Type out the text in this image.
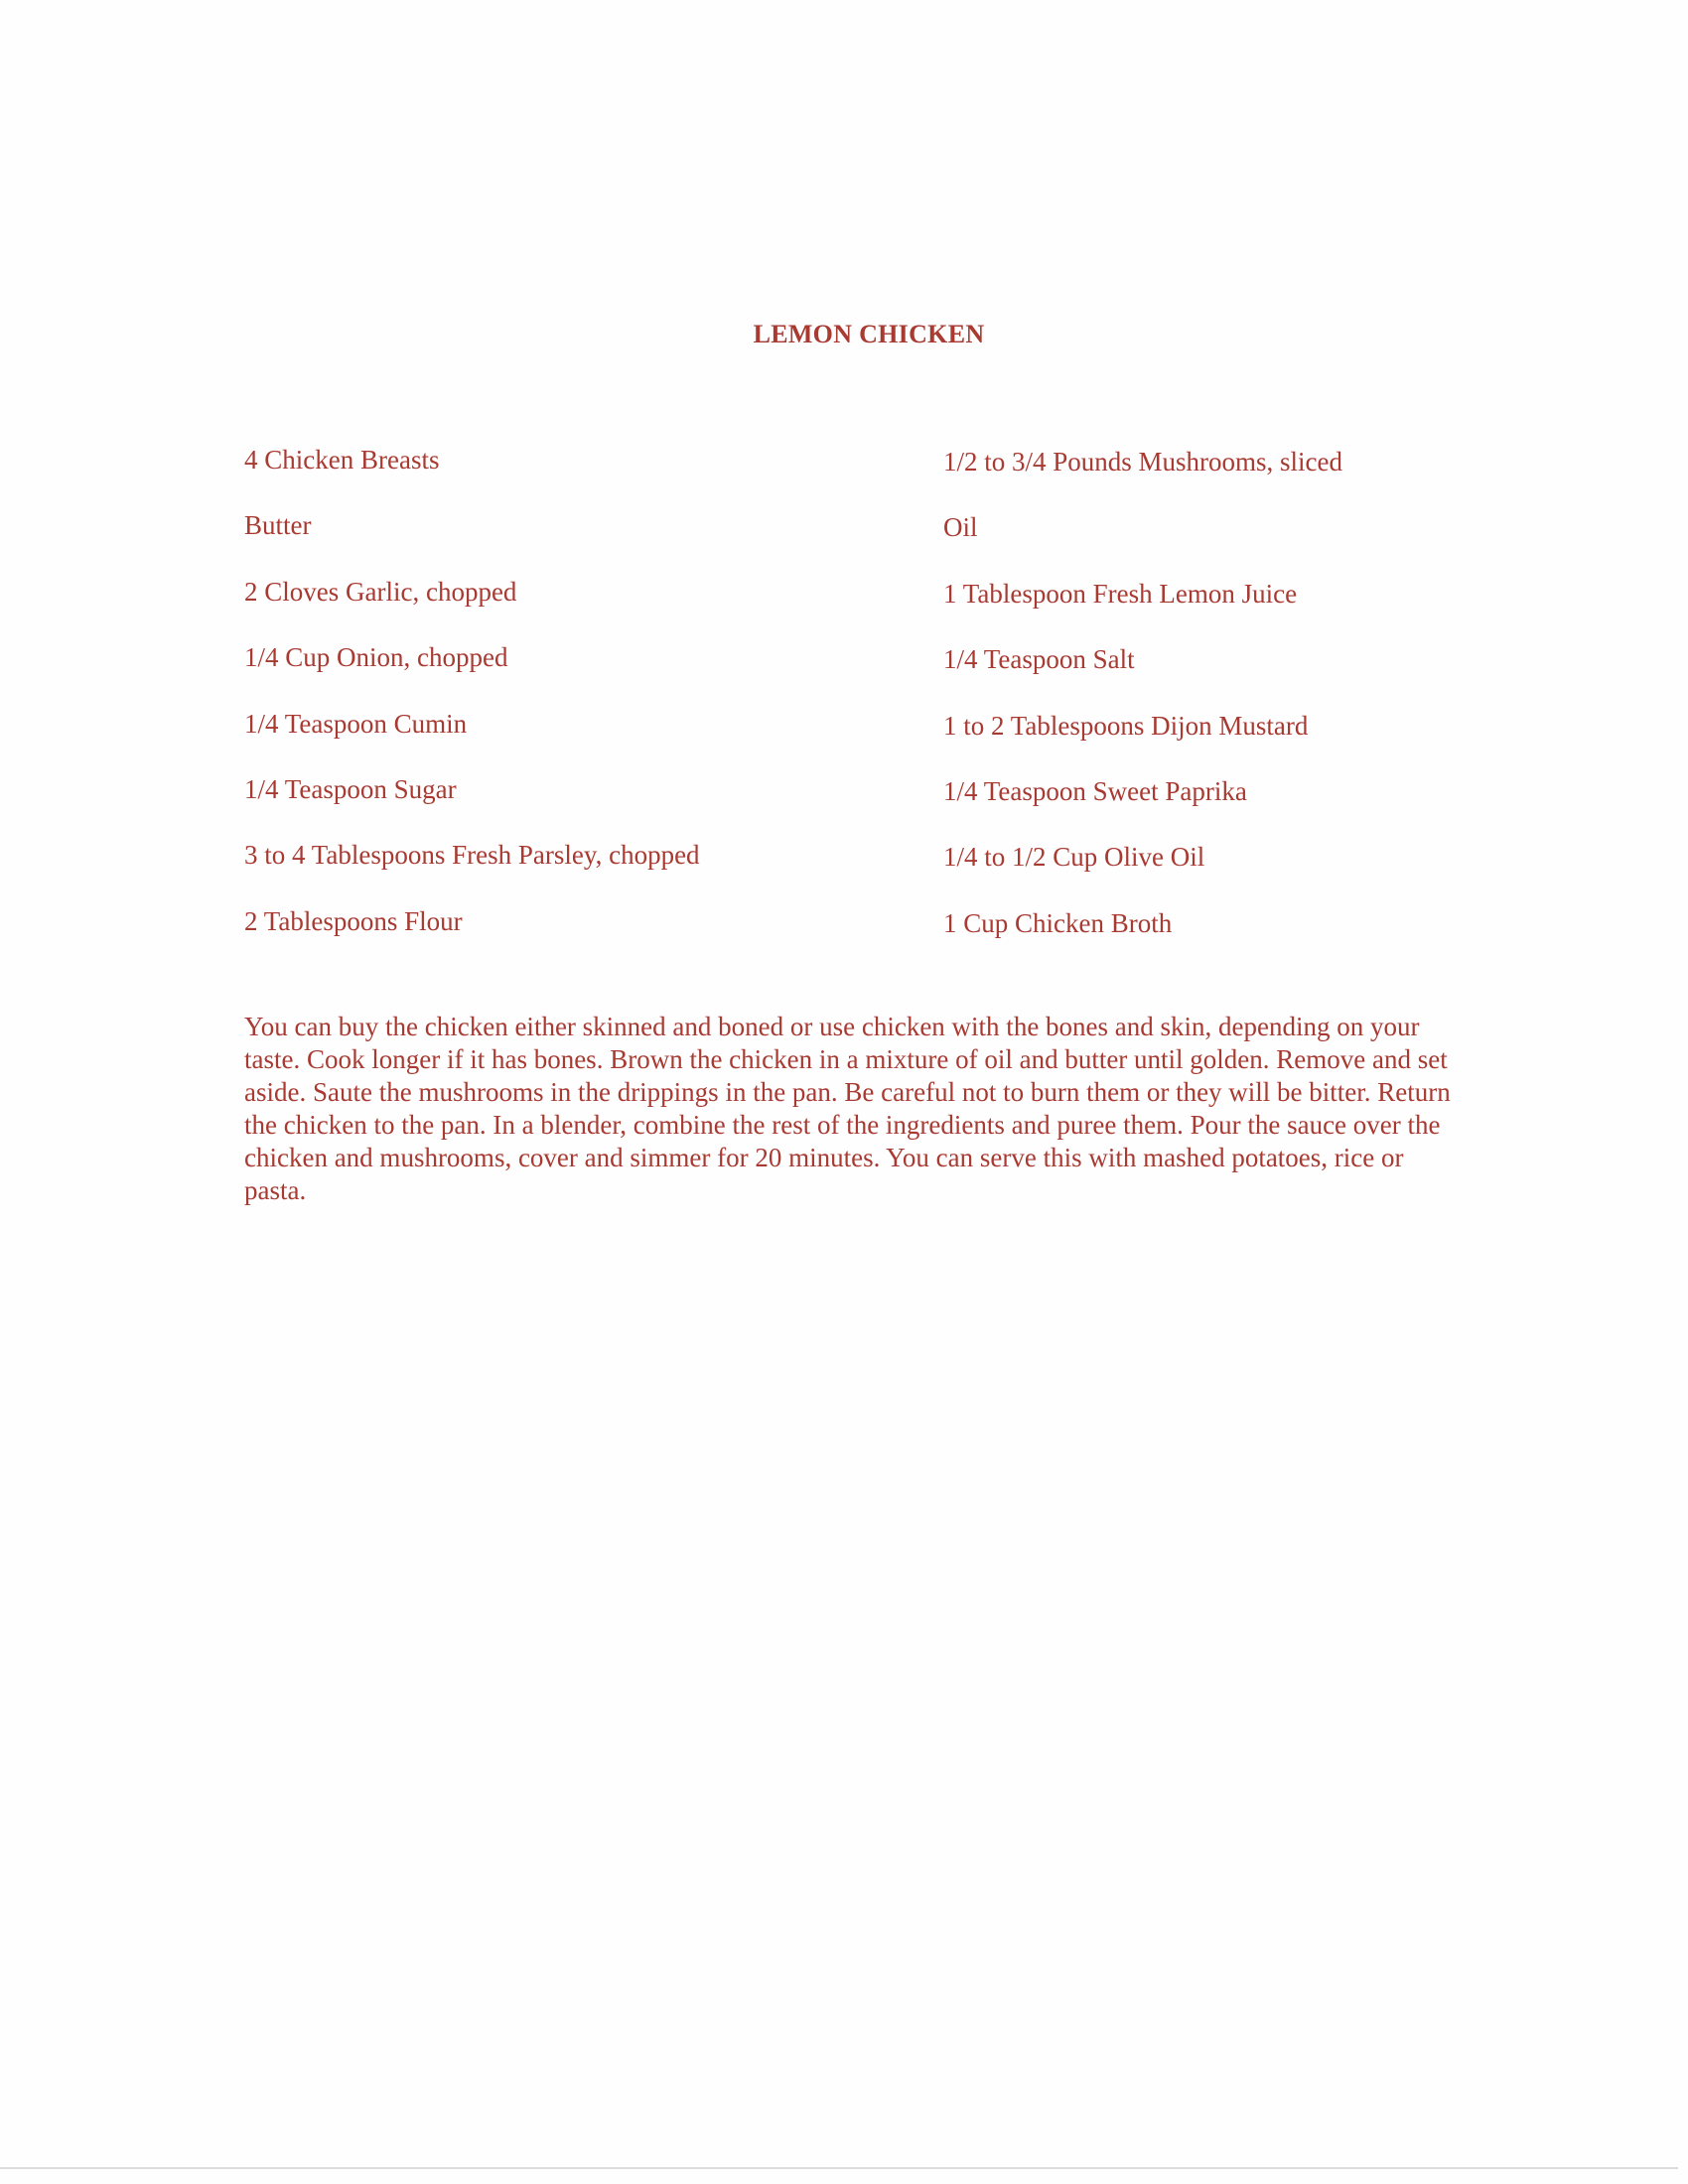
LEMON CHICKEN
4 Chicken Breasts
Butter
2 Cloves Garlic, chopped
1/4 Cup Onion, chopped
1/4 Teaspoon Cumin
1/4 Teaspoon Sugar
3 to 4 Tablespoons Fresh Parsley, chopped
2 Tablespoons Flour
1/2 to 3/4 Pounds Mushrooms, sliced
Oil
1 Tablespoon Fresh Lemon Juice
1/4 Teaspoon Salt
1 to 2 Tablespoons Dijon Mustard
1/4 Teaspoon Sweet Paprika
1/4 to 1/2 Cup Olive Oil
1 Cup Chicken Broth

You can buy the chicken either skinned and boned or use chicken with the bones and skin, depending on your taste. Cook longer if it has bones. Brown the chicken in a mixture of oil and butter until golden. Remove and set aside. Saute the mushrooms in the drippings in the pan. Be careful not to burn them or they will be bitter. Return the chicken to the pan. In a blender, combine the rest of the ingredients and puree them. Pour the sauce over the chicken and mushrooms, cover and simmer for 20 minutes. You can serve this with mashed potatoes, rice or pasta.
